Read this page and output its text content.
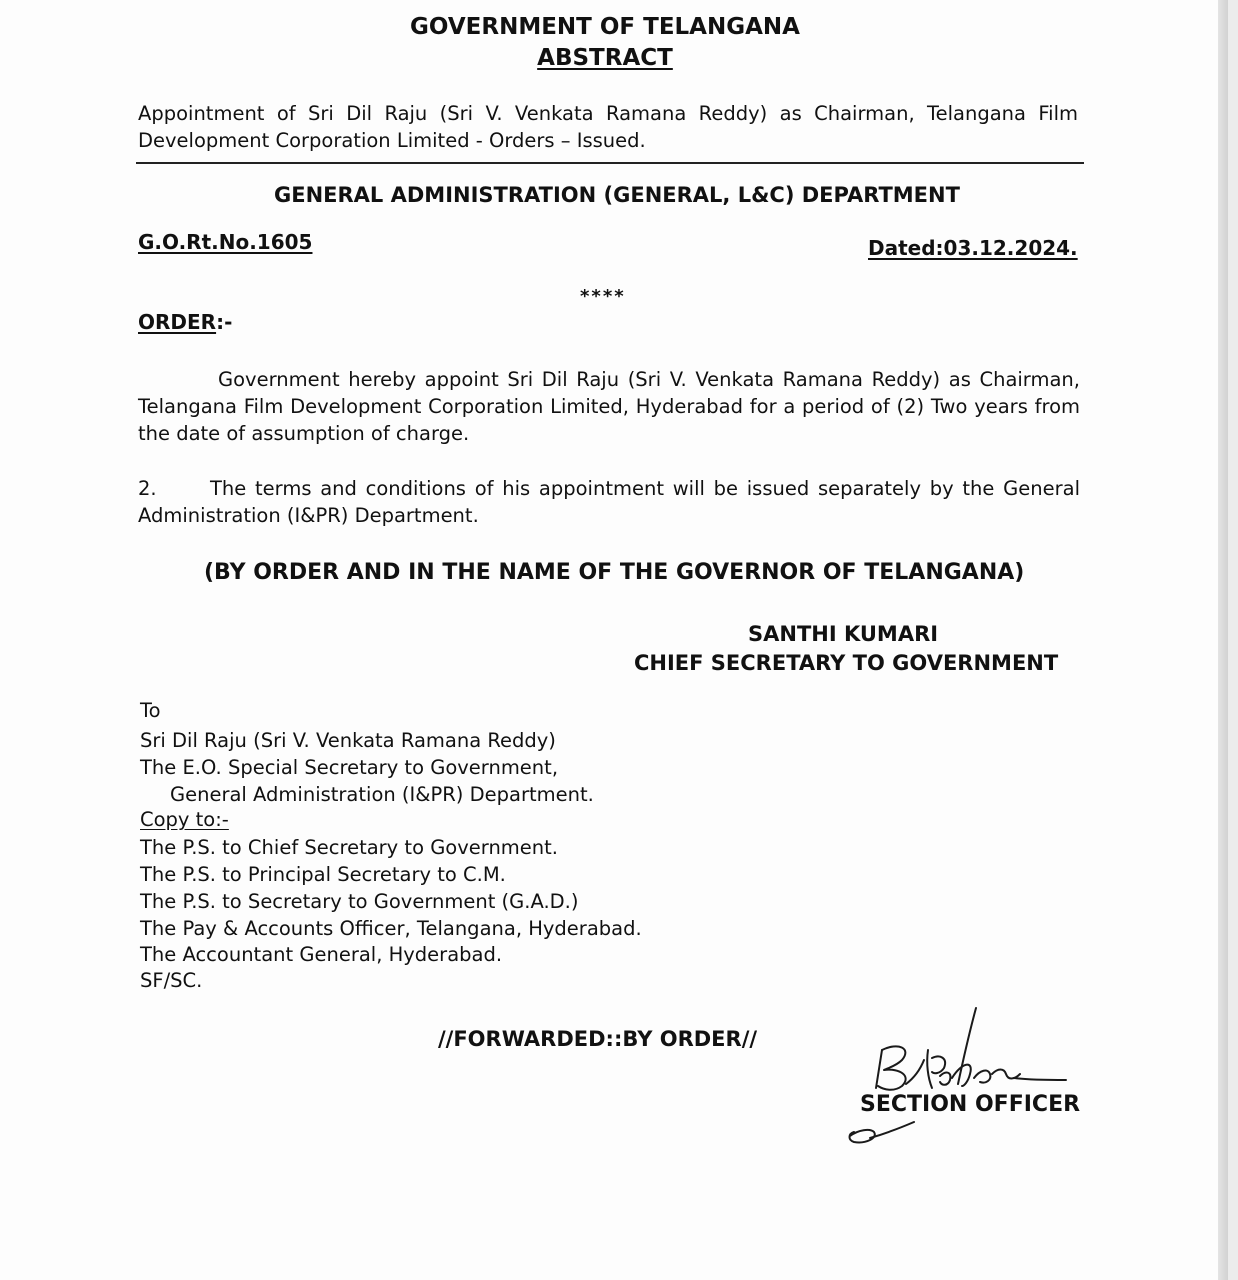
GOVERNMENT OF TELANGANA
ABSTRACT
Appointment of Sri Dil Raju (Sri V. Venkata Ramana Reddy) as Chairman, Telangana Film Development Corporation Limited - Orders – Issued.
GENERAL ADMINISTRATION (GENERAL, L&C) DEPARTMENT
G.O.Rt.No.1605	Dated:03.12.2024.
****
ORDER:-
Government hereby appoint Sri Dil Raju (Sri V. Venkata Ramana Reddy) as Chairman, Telangana Film Development Corporation Limited, Hyderabad for a period of (2) Two years from the date of assumption of charge.
2.	The terms and conditions of his appointment will be issued separately by the General Administration (I&PR) Department.
(BY ORDER AND IN THE NAME OF THE GOVERNOR OF TELANGANA)
SANTHI KUMARI
CHIEF SECRETARY TO GOVERNMENT
To
Sri Dil Raju (Sri V. Venkata Ramana Reddy)
The E.O. Special Secretary to Government,
General Administration (I&PR) Department.
Copy to:-
The P.S. to Chief Secretary to Government.
The P.S. to Principal Secretary to C.M.
The P.S. to Secretary to Government (G.A.D.)
The Pay & Accounts Officer, Telangana, Hyderabad.
The Accountant General, Hyderabad.
SF/SC.
//FORWARDED::BY ORDER//
SECTION OFFICER
